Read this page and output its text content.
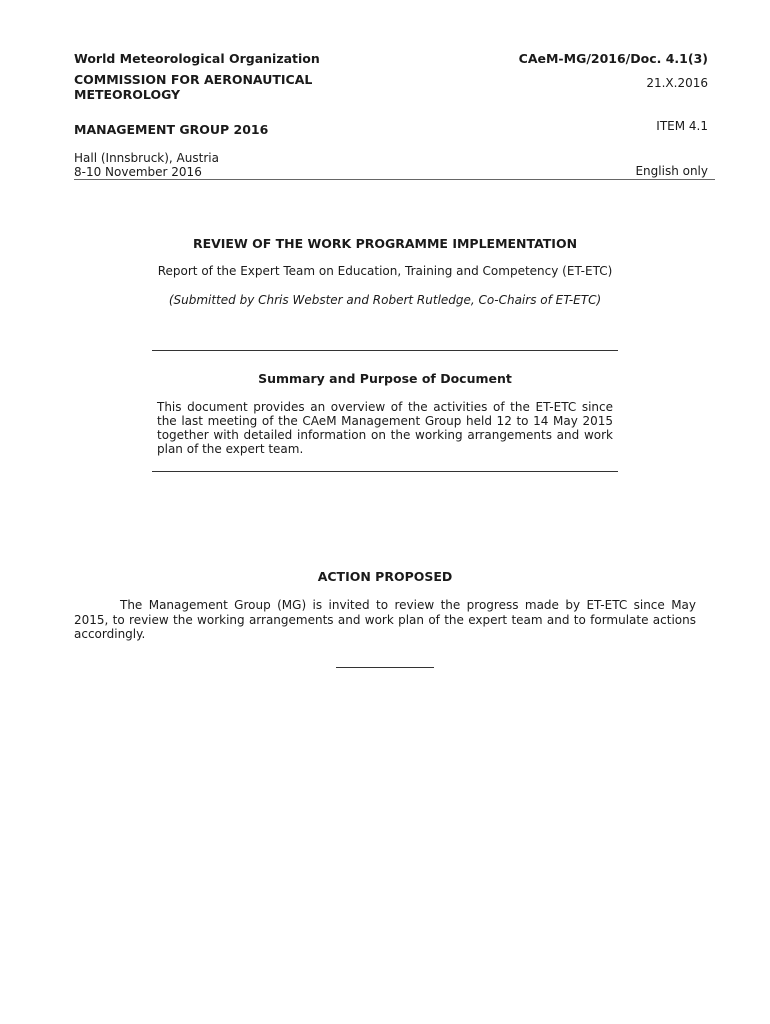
World Meteorological Organization	CAeM-MG/2016/Doc. 4.1(3)
COMMISSION FOR AERONAUTICAL METEOROLOGY
21.X.2016
MANAGEMENT GROUP 2016	ITEM 4.1
Hall (Innsbruck), Austria
8-10 November 2016	English only
REVIEW OF THE WORK PROGRAMME IMPLEMENTATION
Report of the Expert Team on Education, Training and Competency (ET-ETC)
(Submitted by Chris Webster and Robert Rutledge, Co-Chairs of ET-ETC)
Summary and Purpose of Document
This document provides an overview of the activities of the ET-ETC since the last meeting of the CAeM Management Group held 12 to 14 May 2015 together with detailed information on the working arrangements and work plan of the expert team.
ACTION PROPOSED
The Management Group (MG) is invited to review the progress made by ET-ETC since May 2015, to review the working arrangements and work plan of the expert team and to formulate actions accordingly.
